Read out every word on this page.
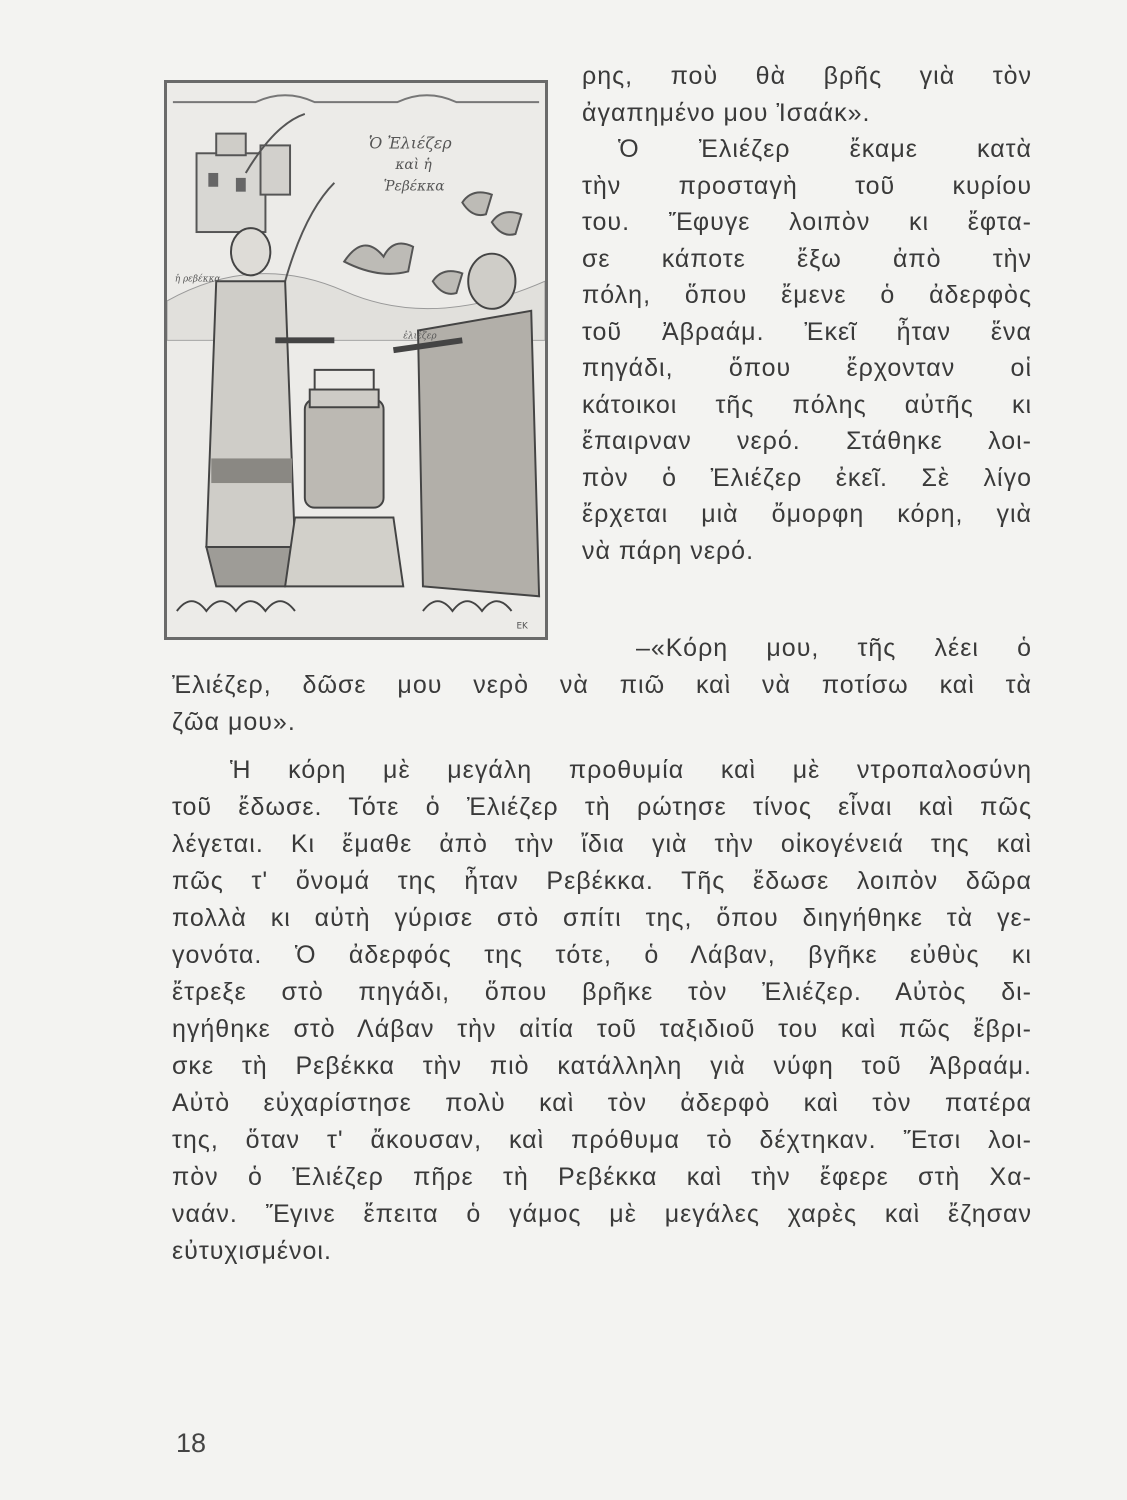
Ὁ Ἐλιέζερ
καὶ ἡ
Ῥεβέκκα
ἡ ρεβέκκα
ἐλιέζερ
ΕΚ
ρης, ποὺ θὰ βρῆς γιὰ τὸν
ἀγαπημένο μου Ἰσαάκ».
Ὁ Ἐλιέζερ ἔκαμε κατὰ
τὴν προσταγὴ τοῦ κυρίου
του. Ἔφυγε λοιπὸν κι ἔφτα-
σε κάποτε ἔξω ἀπὸ τὴν
πόλη, ὅπου ἔμενε ὁ ἀδερφὸς
τοῦ Ἀβραάμ. Ἐκεῖ ἦταν ἕνα
πηγάδι, ὅπου ἔρχονταν οἱ
κάτοικοι τῆς πόλης αὐτῆς κι
ἔπαιρναν νερό. Στάθηκε λοι-
πὸν ὁ Ἐλιέζερ ἐκεῖ. Σὲ λίγο
ἔρχεται μιὰ ὄμορφη κόρη, γιὰ
νὰ πάρη νερό.
–«Κόρη μου, τῆς λέει ὁ
Ἐλιέζερ, δῶσε μου νερὸ νὰ πιῶ καὶ νὰ ποτίσω καὶ τὰ
ζῶα μου».
Ἡ κόρη μὲ μεγάλη προθυμία καὶ μὲ ντροπαλοσύνη
τοῦ ἔδωσε. Τότε ὁ Ἐλιέζερ τὴ ρώτησε τίνος εἶναι καὶ πῶς
λέγεται. Κι ἔμαθε ἀπὸ τὴν ἴδια γιὰ τὴν οἰκογένειά της καὶ
πῶς τ' ὄνομά της ἦταν Ρεβέκκα. Τῆς ἔδωσε λοιπὸν δῶρα
πολλὰ κι αὐτὴ γύρισε στὸ σπίτι της, ὅπου διηγήθηκε τὰ γε-
γονότα. Ὁ ἀδερφός της τότε, ὁ Λάβαν, βγῆκε εὐθὺς κι
ἔτρεξε στὸ πηγάδι, ὅπου βρῆκε τὸν Ἐλιέζερ. Αὐτὸς δι-
ηγήθηκε στὸ Λάβαν τὴν αἰτία τοῦ ταξιδιοῦ του καὶ πῶς ἔβρι-
σκε τὴ Ρεβέκκα τὴν πιὸ κατάλληλη γιὰ νύφη τοῦ Ἀβραάμ.
Αὐτὸ εὐχαρίστησε πολὺ καὶ τὸν ἀδερφὸ καὶ τὸν πατέρα
της, ὅταν τ' ἄκουσαν, καὶ πρόθυμα τὸ δέχτηκαν. Ἔτσι λοι-
πὸν ὁ Ἐλιέζερ πῆρε τὴ Ρεβέκκα καὶ τὴν ἔφερε στὴ Χα-
ναάν. Ἔγινε ἔπειτα ὁ γάμος μὲ μεγάλες χαρὲς καὶ ἔζησαν
εὐτυχισμένοι.
18
